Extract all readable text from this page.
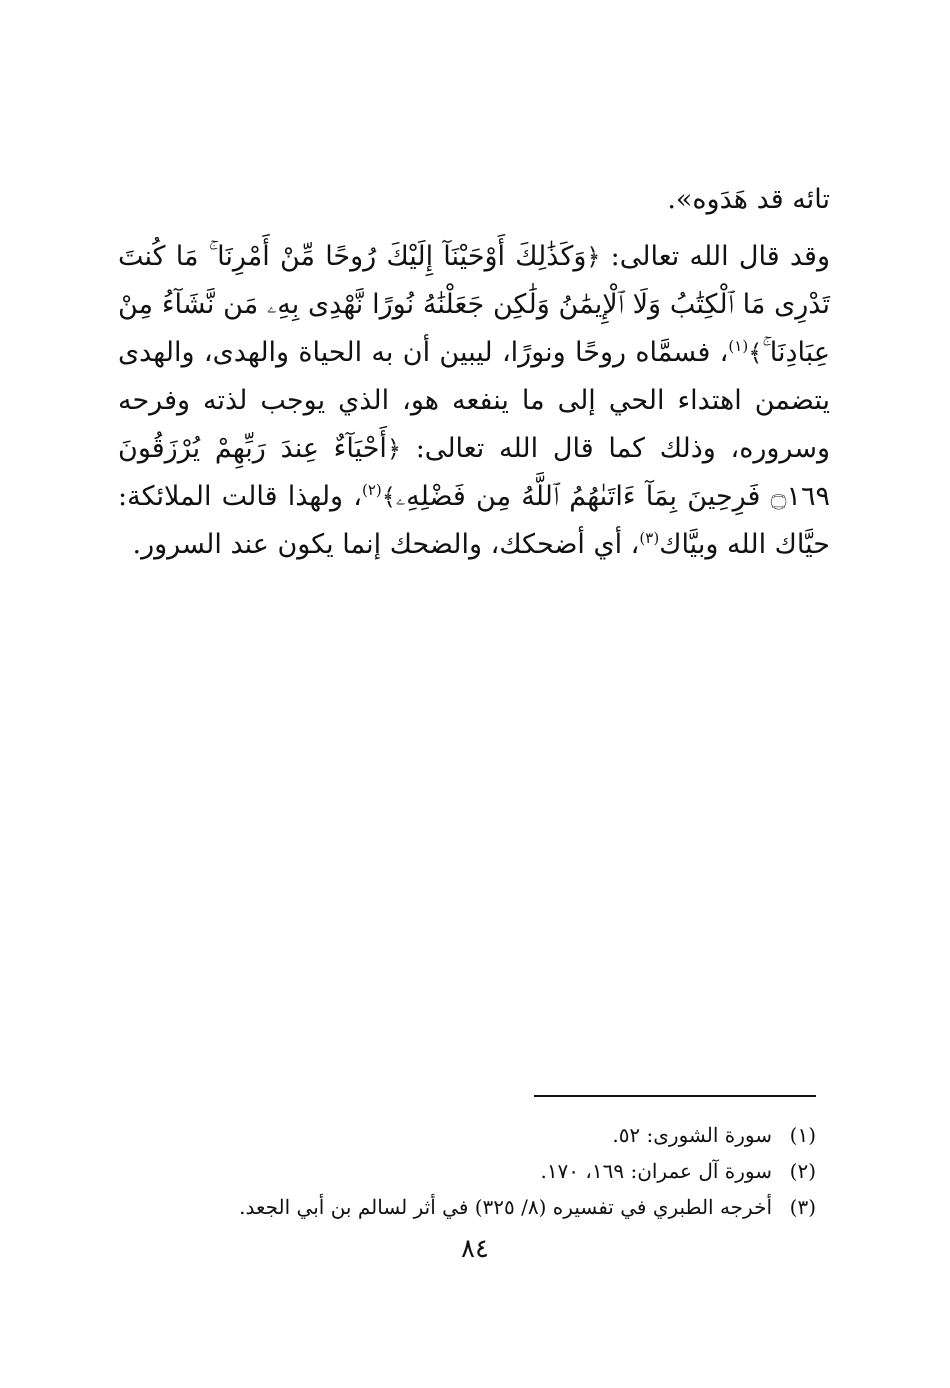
تائه قد هَدَوه».

وقد قال الله تعالى: ﴿وَكَذَٰلِكَ أَوْحَيْنَآ إِلَيْكَ رُوحًا مِّنْ أَمْرِنَا ۚ مَا كُنتَ تَدْرِى مَا ٱلْكِتَٰبُ وَلَا ٱلْإِيمَٰنُ وَلَٰكِن جَعَلْنَٰهُ نُورًا نَّهْدِى بِهِۦ مَن نَّشَآءُ مِنْ عِبَادِنَا ۚ﴾$^{(١)}$، فسمَّاه روحًا ونورًا، ليبين أن به الحياة والهدى، والهدى يتضمن اهتداء الحي إلى ما ينفعه هو، الذي يوجب لذته وفرحه وسروره، وذلك كما قال الله تعالى: ﴿أَحْيَآءٌ عِندَ رَبِّهِمْ يُرْزَقُونَ ۝١٦٩ فَرِحِينَ بِمَآ ءَاتَىٰهُمُ ٱللَّهُ مِن فَضْلِهِۦ﴾$^{(٢)}$، ولهذا قالت الملائكة: حيَّاك الله وبيَّاك$^{(٣)}$، أي أضحكك، والضحك إنما يكون عند السرور.

(١)
سورة الشورى: ٥٢.
(٢)
سورة آل عمران: ١٦٩، ١٧٠.
(٣)
أخرجه الطبري في تفسيره (٨/ ٣٢٥) في أثر لسالم بن أبي الجعد.
٨٤
